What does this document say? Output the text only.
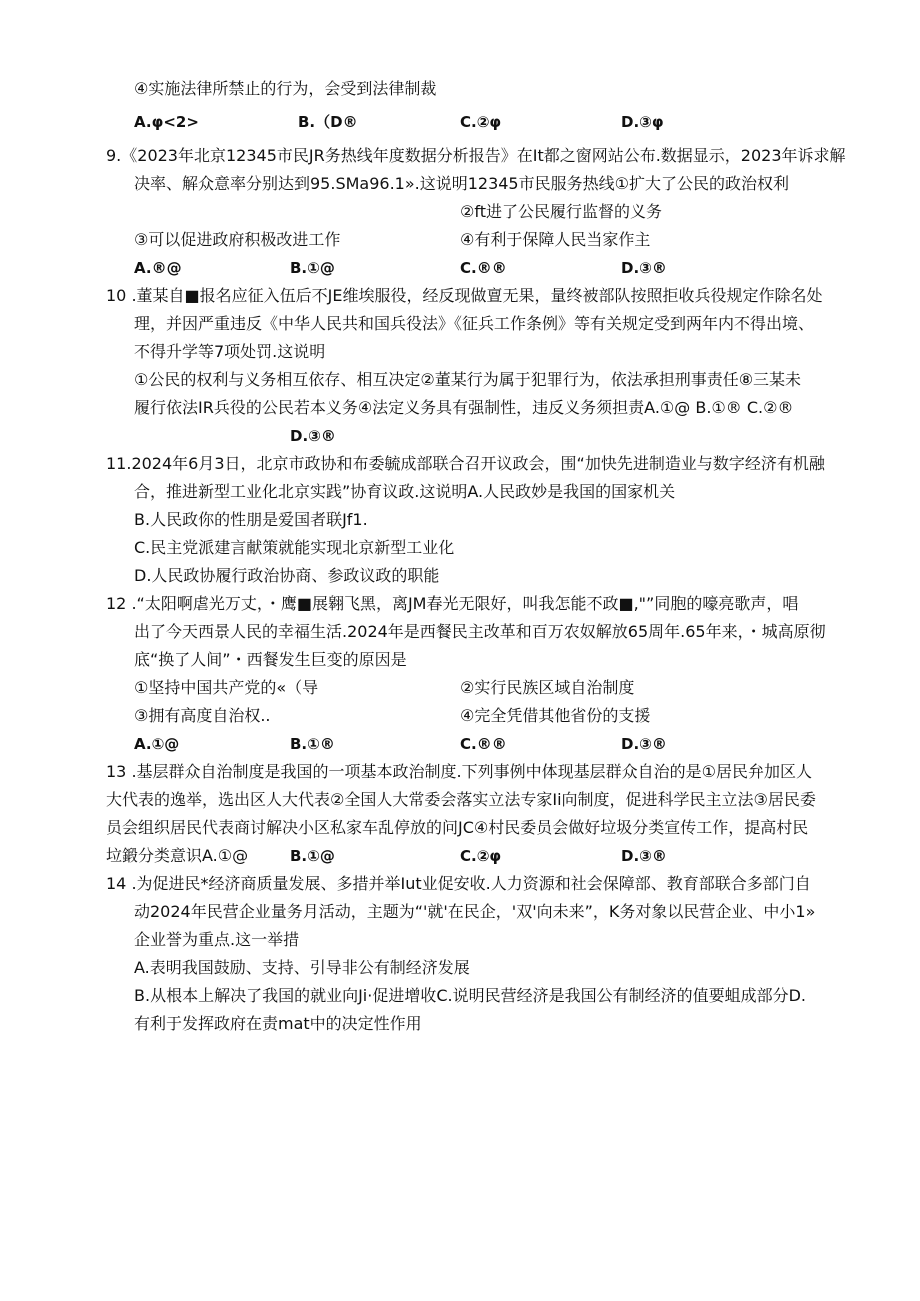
④实施法律所禁止的行为，会受到法律制裁
A.φ<2>	B.（D®	C.②φ	D.③φ
9.《2023年北京12345市民JR务热线年度数据分析报告》在It都之窗网站公布.数据显示，2023年诉求解
决率、解众意率分别达到95.SMa96.1».这说明12345市民服务热线①扩大了公民的政治权利
②ft进了公民履行监督的义务
③可以促进政府积极改进工作	④有利于保障人民当家作主
A.®@	B.①@	C.®®	D.③®
10 .董某自■报名应征入伍后不JE维埃服役，经反现做亶无果，量终被部队按照拒收兵役规定作除名处
理，并因严重违反《中华人民共和国兵役法》《征兵工作条例》等有关规定受到两年内不得出境、
不得升学等7项处罚.这说明
①公民的权利与义务相互依存、相互决定②董某行为属于犯罪行为，依法承担刑事责任⑧三某未
履行依法IR兵役的公民若本义务④法定义务具有强制性，违反义务须担责A.①@ B.①® C.②®
D.③®
11.2024年6月3日，北京市政协和布委毓成部联合召开议政会，围“加快先进制造业与数字经济有机融
合，推进新型工业化北京实践”协育议政.这说明A.人民政妙是我国的国家机关
B.人民政你的性朋是爱国者联Jf1.
C.民主党派建言献策就能实现北京新型工业化
D.人民政协履行政治协商、参政议政的职能
12 .“太阳啊虐光万丈，・鹰■展翱飞黑，离JM春光无限好，叫我怎能不政■,"”同胞的嚎亮歌声，唱
出了今天西景人民的幸福生活.2024年是西餐民主改革和百万农奴解放65周年.65年来，・城高原彻
底“换了人间”・西餐发生巨变的原因是
①坚持中国共产党的«（导	②实行民族区域自治制度
③拥有高度自治权..	④完全凭借其他省份的支援
A.①@	B.①®	C.®®	D.③®
13 .基层群众自治制度是我国的一项基本政治制度.下列事例中体现基层群众自治的是①居民弁加区人
大代表的逸举，选出区人大代表②全国人大常委会落实立法专家Ii向制度，促进科学民主立法③居民委
员会组织居民代表商讨解决小区私家车乱停放的问JC④村民委员会做好垃圾分类宣传工作，提高村民
垃鍛分类意识A.①@	B.①@	C.②φ	D.③®
14 .为促进民*经济商质量发展、多措并举Iut业促安收.人力资源和社会保障部、教育部联合多部门自
动2024年民营企业量务月活动，主题为“'就'在民企，'双'向未来”，K务对象以民营企业、中小1»
企业誉为重点.这一举措
A.表明我国鼓励、支持、引导非公有制经济发展
B.从根本上解决了我国的就业向Ji·促进增收C.说明民营经济是我国公有制经济的值要蛆成部分D.
有利于发挥政府在责mat中的决定性作用
